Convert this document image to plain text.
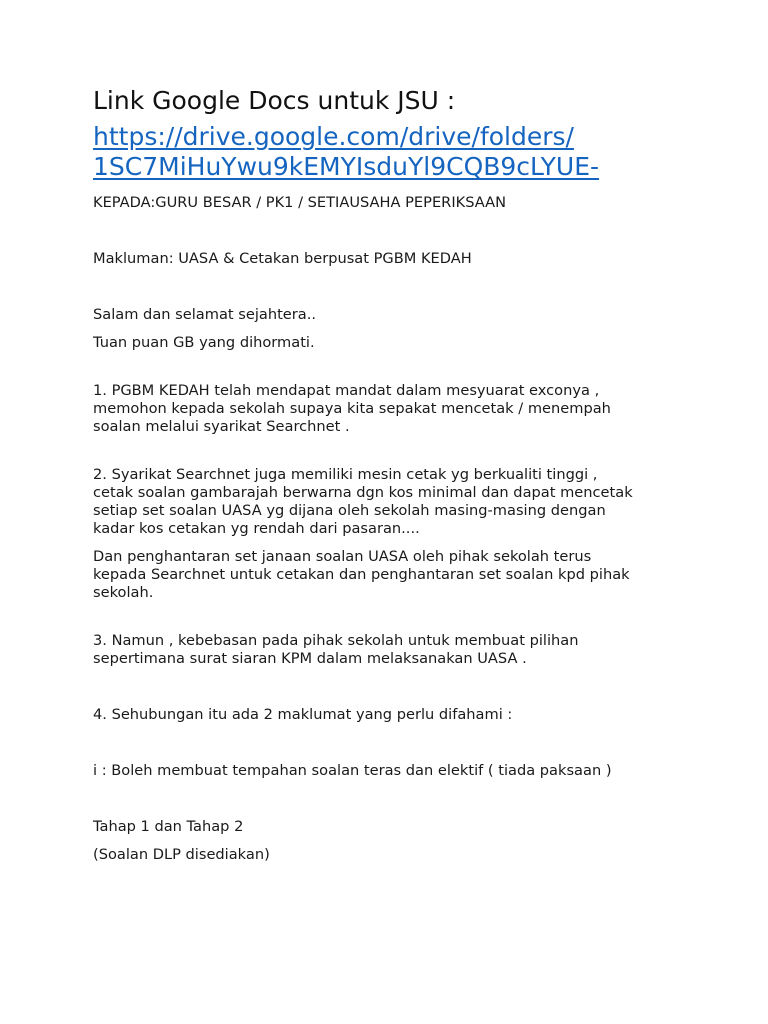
Link Google Docs untuk JSU :
https://drive.google.com/drive/folders/
1SC7MiHuYwu9kEMYIsduYl9CQB9cLYUE-

KEPADA:GURU BESAR / PK1 / SETIAUSAHA PEPERIKSAAN

Makluman: UASA & Cetakan berpusat PGBM KEDAH

Salam dan selamat sejahtera..

Tuan puan GB yang dihormati.

1. PGBM KEDAH telah mendapat mandat dalam mesyuarat exconya ,
memohon kepada sekolah supaya kita sepakat mencetak / menempah
soalan melalui syarikat Searchnet .

2. Syarikat Searchnet juga memiliki mesin cetak yg berkualiti tinggi ,
cetak soalan gambarajah berwarna dgn kos minimal dan dapat mencetak
setiap set soalan UASA yg dijana oleh sekolah masing-masing dengan
kadar kos cetakan yg rendah dari pasaran....

Dan penghantaran set janaan soalan UASA oleh pihak sekolah terus
kepada Searchnet untuk cetakan dan penghantaran set soalan kpd pihak
sekolah.

3. Namun , kebebasan pada pihak sekolah untuk membuat pilihan
sepertimana surat siaran KPM dalam melaksanakan UASA .

4. Sehubungan itu ada 2 maklumat yang perlu difahami :

i : Boleh membuat tempahan soalan teras dan elektif ( tiada paksaan )

Tahap 1 dan Tahap 2

(Soalan DLP disediakan)
